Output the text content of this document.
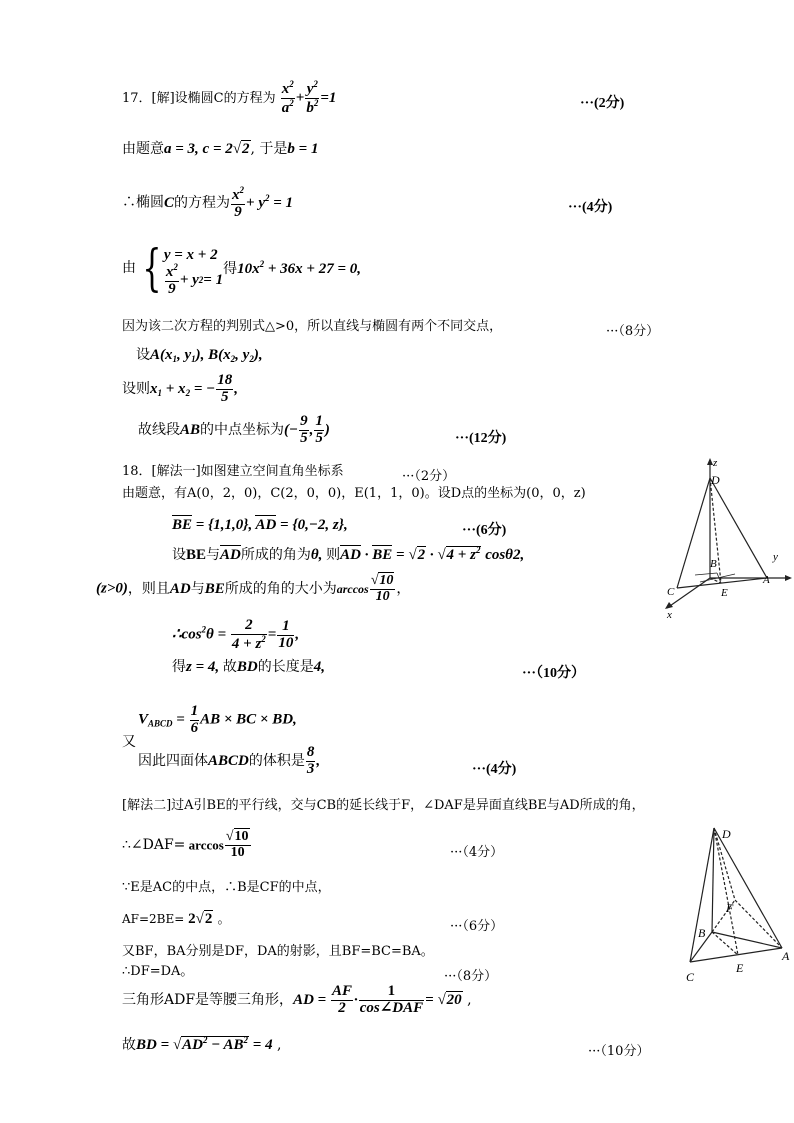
17．[解]设椭圆C的方程为 $\frac{x^2}{a^2} + \frac{y^2}{b^2} =1$	···(2分)
由题意a = 3, c = 2√2, 于是b = 1
∴椭圆C的方程为 $\frac{x^2}{9} + y^2 = 1$	···(4分)
由 { y = x + 2
$\frac{x^2}{9} + y$ 2 = 1
得$10x^2 + 36x + 27 = 0$,
因为该二次方程的判别式△>0，所以直线与椭圆有两个不同交点，	···（8分）
设$A(x_1$, $y_1$), $B(x_2$, $y_2$),
设则$x_1 + x_2$ = − $\frac{18}{5}$ ,
故线段AB的中点坐标为(− $\frac{9}{5}$ , $\frac{1}{5}$ )
···(12分)
18．[解法一]如图建立空间直角坐标系	···（2分）
由题意，有A(0，2，0)，C(2，0，0)，E(1，1，0)。设D点的坐标为(0，0，z)
BE = {1,1,0}, AD = {0,−2, z},	···(6分)
设BE与AD所成的角为θ, 则AD · BE = $√2 \cdot √4 + z^2$ cosθ2,
(z>0)，则且AD与BE所成的角的大小为$\arccos \frac{√10}{10}$ ，
$\therefore\cos^2\theta = \frac{2}{4 + z^2} = \frac{1}{10}$ ,
得z = 4, 故BD的长度是4,	···（10分）
$V_{ABCD} = \frac{1}{6}$ AB × BC × BD,
又
因此四面体ABCD的体积是 $\frac{8}{3}$ ,
···(4分)
[解法二]过A引BE的平行线，交与CB的延长线于F，∠DAF是异面直线BE与AD所成的角，
∴∠DAF= $\arccos \frac{√10}{10}$	···（4分）
∵E是AC的中点，∴B是CF的中点，
AF=2BE= 2√2 。	···（6分）
又BF，BA分别是DF，DA的射影，且BF=BC=BA。
∴DF=DA。	···（8分）
三角形ADF是等腰三角形，AD = $\frac{AF}{2} \cdot \frac{1}{\text{cos∠DAF}} = √20$ ,
故BD = $√AD^2 - AB^2 = 4$ ,	···（10分）
z
D
y
B
A
C	E
x
D
F
B
A
C
E
